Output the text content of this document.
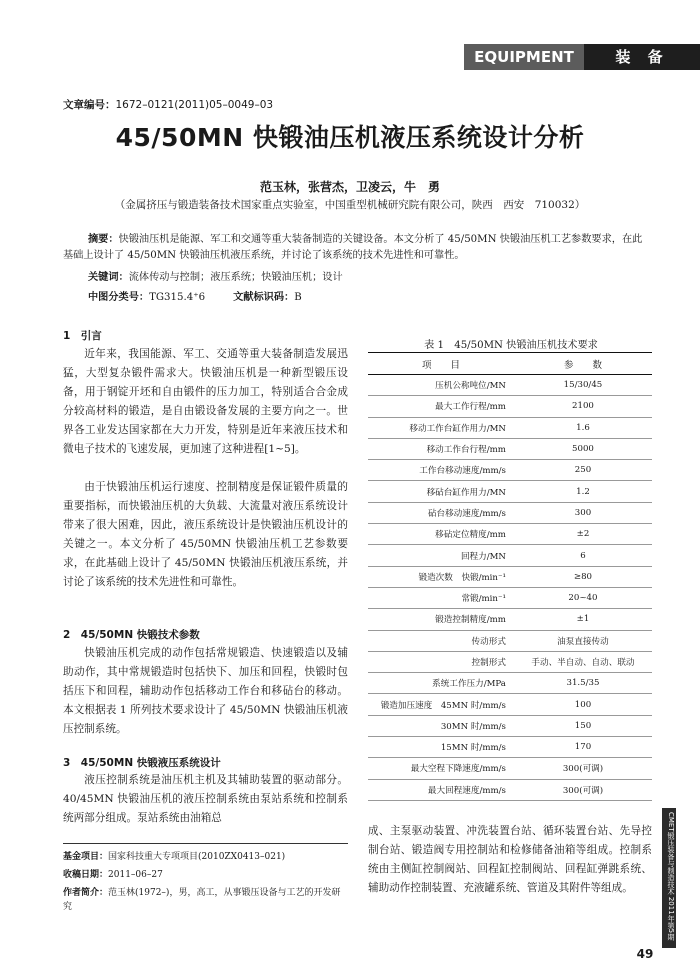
EQUIPMENT	装 备
文章编号：1672–0121(2011)05–0049–03
45/50MN 快锻油压机液压系统设计分析
范玉林，张营杰，卫凌云，牛　勇
（金属挤压与锻造装备技术国家重点实验室，中国重型机械研究院有限公司，陕西　西安　710032）
摘要：快锻油压机是能源、军工和交通等重大装备制造的关键设备。本文分析了 45/50MN 快锻油压机工艺参数要求，在此基础上设计了 45/50MN 快锻油压机液压系统，并讨论了该系统的技术先进性和可靠性。
关键词：流体传动与控制；液压系统；快锻油压机；设计
中图分类号：TG315.4⁺6	文献标识码：B
1　引言
近年来，我国能源、军工、交通等重大装备制造发展迅猛，大型复杂锻件需求大。快锻油压机是一种新型锻压设备，用于钢锭开坯和自由锻件的压力加工，特别适合合金成分较高材料的锻造，是自由锻设备发展的主要方向之一。世界各工业发达国家都在大力开发，特别是近年来液压技术和微电子技术的飞速发展，更加速了这种进程[1~5]。
由于快锻油压机运行速度、控制精度是保证锻件质量的重要指标，而快锻油压机的大负载、大流量对液压系统设计带来了很大困难，因此，液压系统设计是快锻油压机设计的关键之一。本文分析了 45/50MN 快锻油压机工艺参数要求，在此基础上设计了 45/50MN 快锻油压机液压系统，并讨论了该系统的技术先进性和可靠性。
2　45/50MN 快锻技术参数
快锻油压机完成的动作包括常规锻造、快速锻造以及辅助动作，其中常规锻造时包括快下、加压和回程，快锻时包括压下和回程，辅助动作包括移动工作台和移砧台的移动。本文根据表 1 所列技术要求设计了 45/50MN 快锻油压机液压控制系统。
3　45/50MN 快锻液压系统设计
液压控制系统是油压机主机及其辅助装置的驱动部分。40/45MN 快锻油压机的液压控制系统由泵站系统和控制系统两部分组成。泵站系统由油箱总
表 1　45/50MN 快锻油压机技术要求
项　　目	参　　数
压机公称吨位/MN	15/30/45
最大工作行程/mm	2100
移动工作台缸作用力/MN	1.6
移动工作台行程/mm	5000
工作台移动速度/mm/s	250
移砧台缸作用力/MN	1.2
砧台移动速度/mm/s	300
移砧定位精度/mm	±2
回程力/MN	6
锻造次数　快锻/min⁻¹	≥80
常锻/min⁻¹	20~40
锻造控制精度/mm	±1
传动形式	油泵直接传动
控制形式	手动、半自动、自动、联动
系统工作压力/MPa	31.5/35
锻造加压速度　45MN 时/mm/s	100
30MN 时/mm/s	150
15MN 时/mm/s	170
最大空程下降速度/mm/s	300(可调)
最大回程速度/mm/s	300(可调)
成、主泵驱动装置、冲洗装置台站、循环装置台站、先导控制台站、锻造阀专用控制站和检修储备油箱等组成。控制系统由主侧缸控制阀站、回程缸控制阀站、回程缸弹跳系统、辅助动作控制装置、充液罐系统、管道及其附件等组成。
基金项目：国家科技重大专项项目(2010ZX0413–021)
收稿日期：2011–06–27
作者简介：范玉林(1972–)，男，高工，从事锻压设备与工艺的开发研究	CMET锻压装备与制造技术 2011年第5期
49
